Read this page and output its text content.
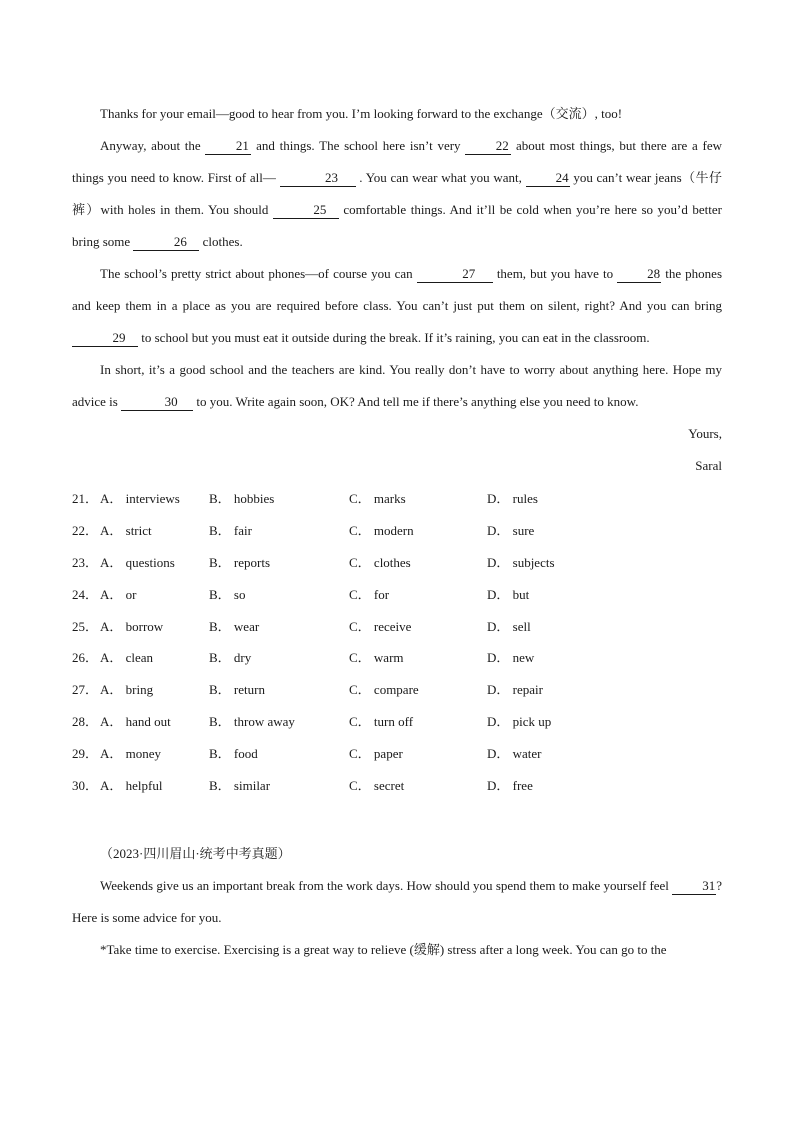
Thanks for your email—good to hear from you. I’m looking forward to the exchange（交流）, too!
Anyway, about the 21 and things. The school here isn’t very 22 about most things, but there are a few things you need to know. First of all—	23 . You can wear what you want, 24 you can’t wear jeans（牛仔裤）with holes in them. You should	25 comfortable things. And it’ll be cold when you’re here so you’d better bring some	26 clothes.
The school’s pretty strict about phones—of course you can	27 them, but you have to 28 the phones and keep them in a place as you are required before class. You can’t just put them on silent, right? And you can bring 29 to school but you must eat it outside during the break. If it’s raining, you can eat in the classroom.
In short, it’s a good school and the teachers are kind. You really don’t have to worry about anything here. Hope my advice is	30 to you. Write again soon, OK? And tell me if there’s anything else you need to know.
Yours,
Saral
21． A． interviews	B． hobbies	C． marks	D． rules
22． A． strict	B． fair	C． modern	D． sure
23． A． questions	B． reports	C． clothes	D． subjects
24． A． or	B． so	C． for	D． but
25． A． borrow	B． wear	C． receive	D． sell
26． A． clean	B． dry	C． warm	D． new
27． A． bring	B． return	C． compare	D． repair
28． A． hand out	B． throw away	C． turn off	D． pick up
29． A． money	B． food	C． paper	D． water
30． A． helpful	B． similar	C． secret	D． free
（2023·四川眉山·统考中考真题）
Weekends give us an important break from the work days. How should you spend them to make yourself feel 31? Here is some advice for you.
*Take time to exercise. Exercising is a great way to relieve (缓解) stress after a long week. You can go to the
